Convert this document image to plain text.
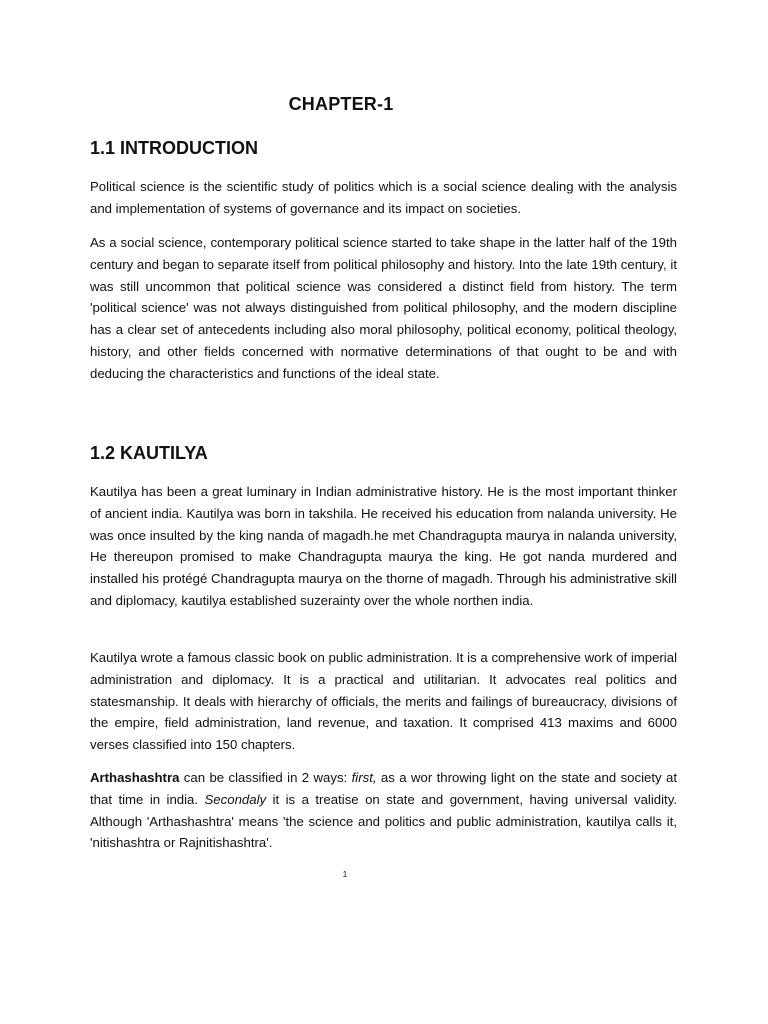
CHAPTER-1
1.1 INTRODUCTION

Political science is the scientific study of politics which is a social science dealing with the analysis and implementation of systems of governance and its impact on societies.

As a social science, contemporary political science started to take shape in the latter half of the 19th century and began to separate itself from political philosophy and history. Into the late 19th century, it was still uncommon that political science was considered a distinct field from history. The term 'political science' was not always distinguished from political philosophy, and the modern discipline has a clear set of antecedents including also moral philosophy, political economy, political theology, history, and other fields concerned with normative determinations of that ought to be and with deducing the characteristics and functions of the ideal state.

1.2 KAUTILYA

Kautilya has been a great luminary in Indian administrative history. He is the most important thinker of ancient india. Kautilya was born in takshila. He received his education from nalanda university. He was once insulted by the king nanda of magadh.he met Chandragupta maurya in nalanda university, He thereupon promised to make Chandragupta maurya the king. He got nanda murdered and installed his protégé Chandragupta maurya on the thorne of magadh. Through his administrative skill and diplomacy, kautilya established suzerainty over the whole northen india.

Kautilya wrote a famous classic book on public administration. It is a comprehensive work of imperial administration and diplomacy. It is a practical and utilitarian. It advocates real politics and statesmanship. It deals with hierarchy of officials, the merits and failings of bureaucracy, divisions of the empire, field administration, land revenue, and taxation. It comprised 413 maxims and 6000 verses classified into 150 chapters.

Arthashashtra can be classified in 2 ways: first, as a wor throwing light on the state and society at that time in india. Secondaly it is a treatise on state and government, having universal validity. Although 'Arthashashtra' means 'the science and politics and public administration, kautilya calls it, 'nitishashtra or Rajnitishashtra'.

1
